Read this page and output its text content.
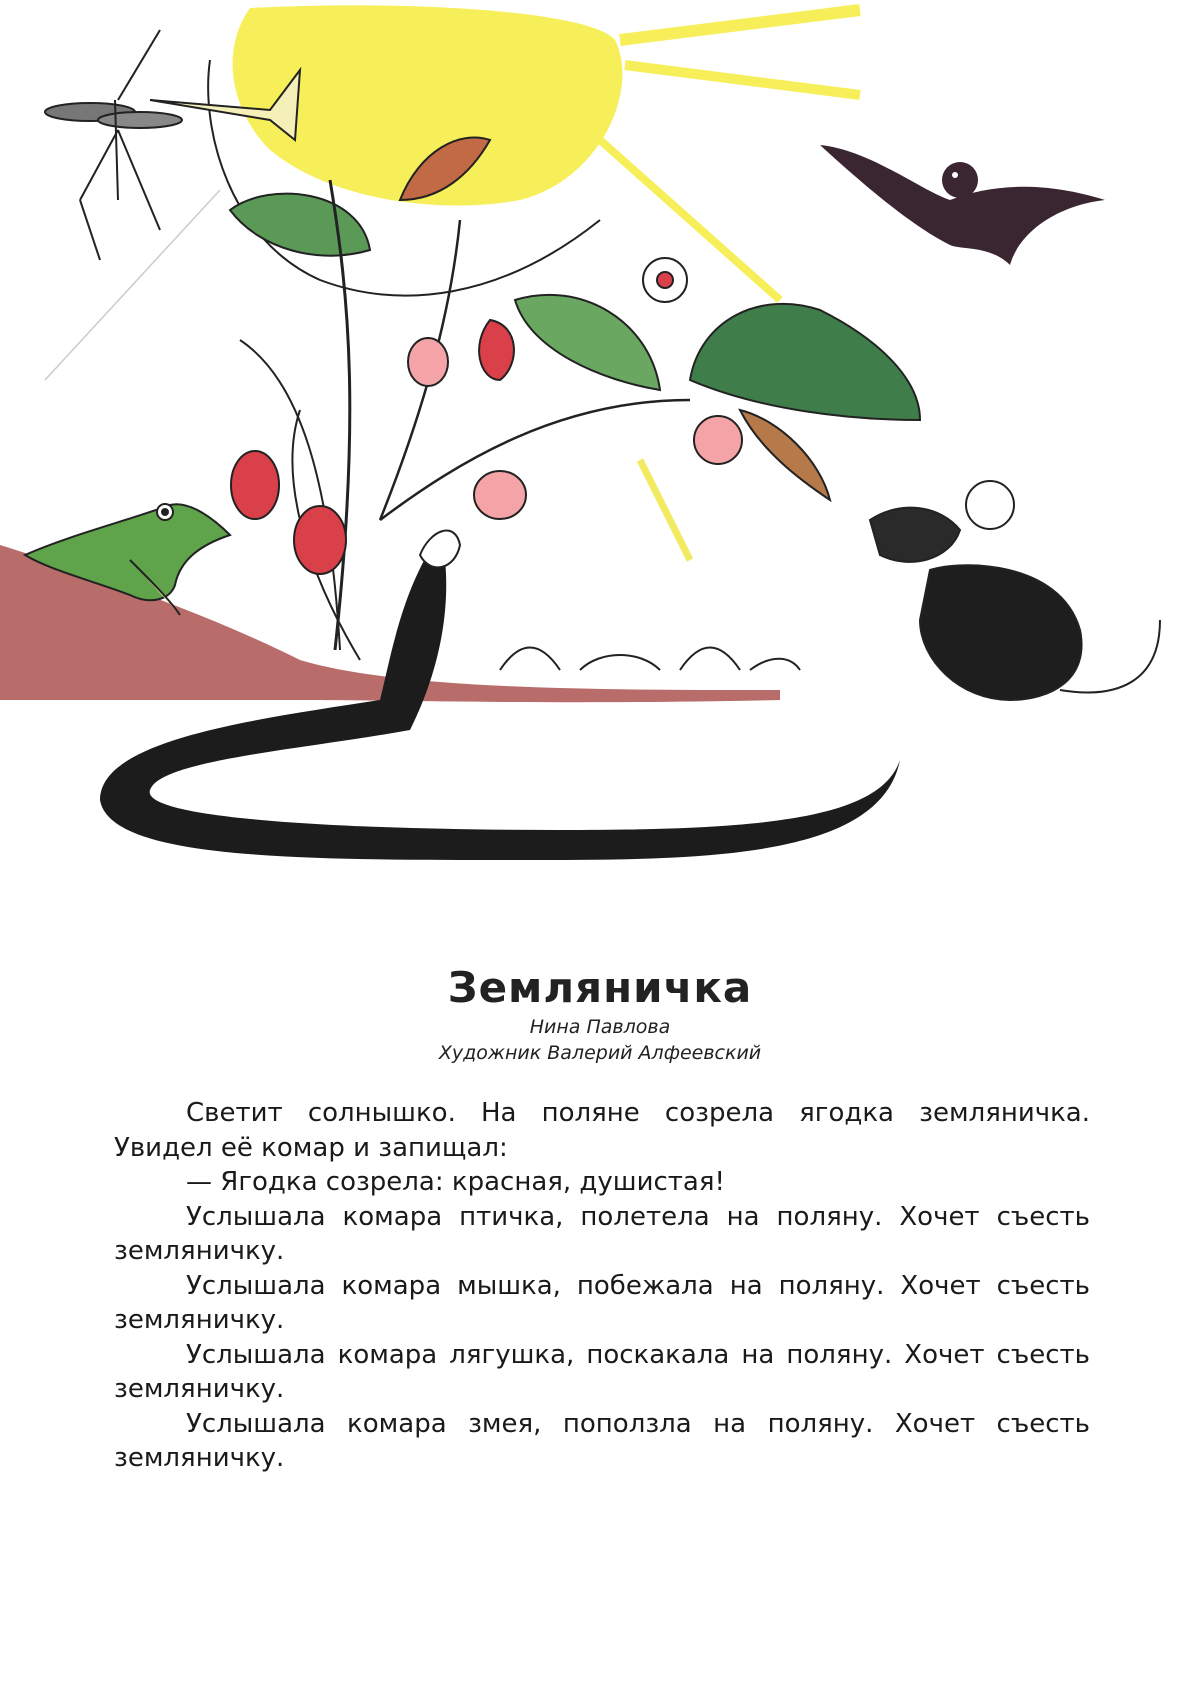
Земляничка

Нина Павлова

Художник Валерий Алфеевский

Светит солнышко. На поляне созрела ягодка земляничка. Увидел её комар и запищал:

— Ягодка созрела: красная, душистая!

Услышала комара птичка, полетела на поляну. Хочет съесть земляничку.

Услышала комара мышка, побежала на поляну. Хочет съесть земляничку.

Услышала комара лягушка, поскакала на поляну. Хочет съесть земляничку.

Услышала комара змея, поползла на поляну. Хочет съесть земляничку.
